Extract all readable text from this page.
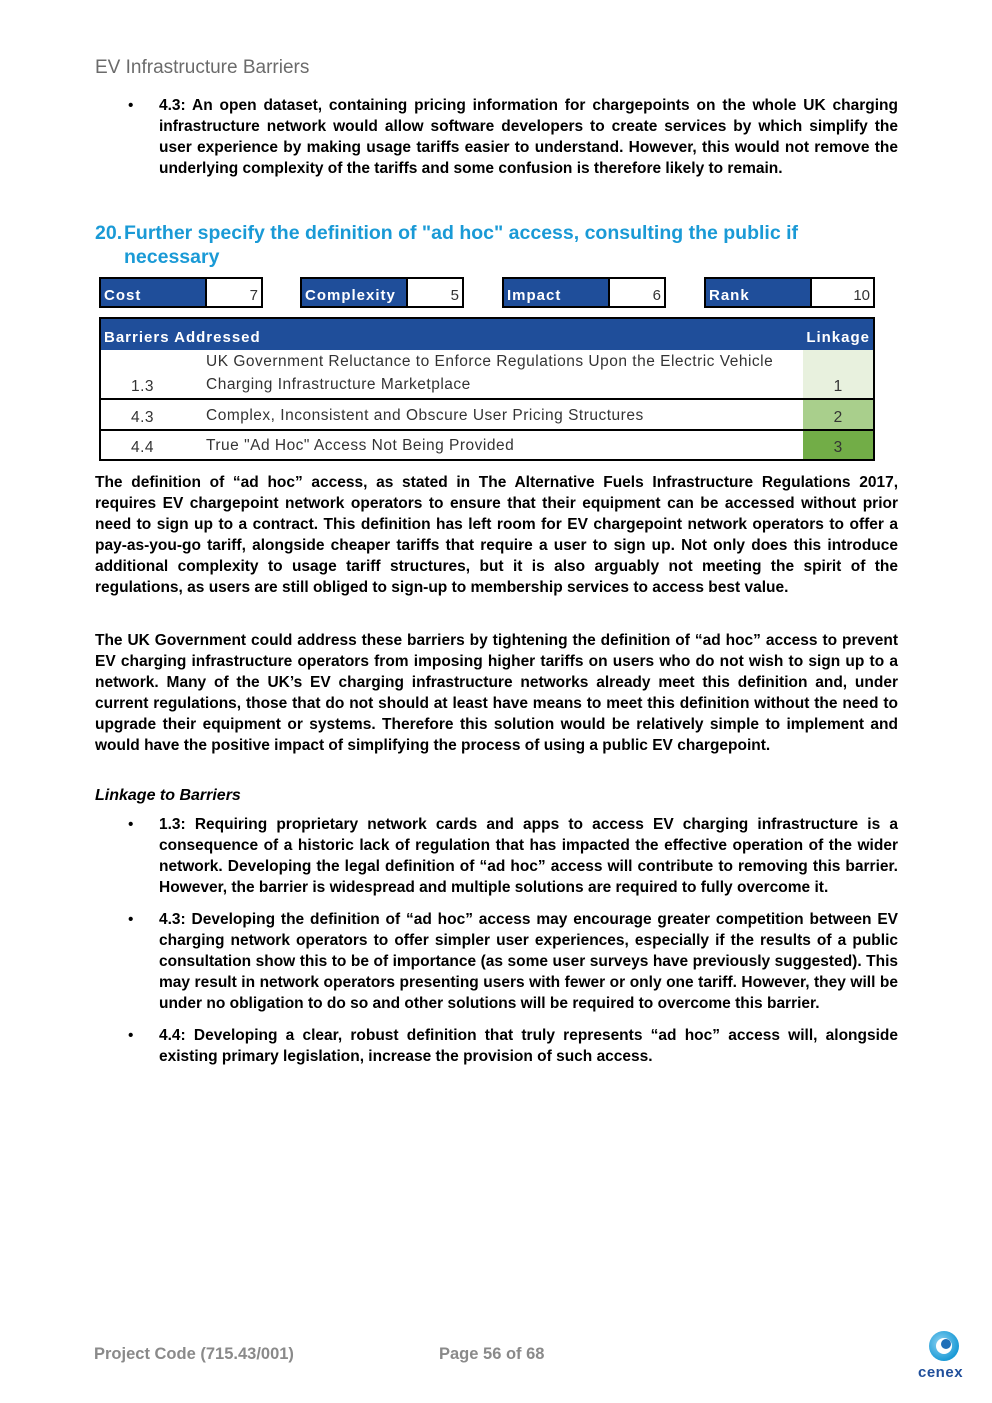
EV Infrastructure Barriers
• 4.3: An open dataset, containing pricing information for chargepoints on the whole UK charging infrastructure network would allow software developers to create services by which simplify the user experience by making usage tariffs easier to understand. However, this would not remove the underlying complexity of the tariffs and some confusion is therefore likely to remain.
20. Further specify the definition of "ad hoc" access, consulting the public if necessary
Cost	7	Complexity	5	Impact	6	Rank	10
Barriers Addressed		Linkage
1.3	UK Government Reluctance to Enforce Regulations Upon the Electric Vehicle Charging Infrastructure Marketplace	1
4.3	Complex, Inconsistent and Obscure User Pricing Structures	2
4.4	True "Ad Hoc" Access Not Being Provided	3

The definition of “ad hoc” access, as stated in The Alternative Fuels Infrastructure Regulations 2017, requires EV chargepoint network operators to ensure that their equipment can be accessed without prior need to sign up to a contract. This definition has left room for EV chargepoint network operators to offer a pay-as-you-go tariff, alongside cheaper tariffs that require a user to sign up. Not only does this introduce additional complexity to usage tariff structures, but it is also arguably not meeting the spirit of the regulations, as users are still obliged to sign-up to membership services to access best value.

The UK Government could address these barriers by tightening the definition of “ad hoc” access to prevent EV charging infrastructure operators from imposing higher tariffs on users who do not wish to sign up to a network. Many of the UK’s EV charging infrastructure networks already meet this definition and, under current regulations, those that do not should at least have means to meet this definition without the need to upgrade their equipment or systems. Therefore this solution would be relatively simple to implement and would have the positive impact of simplifying the process of using a public EV chargepoint.

Linkage to Barriers
• 1.3: Requiring proprietary network cards and apps to access EV charging infrastructure is a consequence of a historic lack of regulation that has impacted the effective operation of the wider network. Developing the legal definition of “ad hoc” access will contribute to removing this barrier. However, the barrier is widespread and multiple solutions are required to fully overcome it.
• 4.3: Developing the definition of “ad hoc” access may encourage greater competition between EV charging network operators to offer simpler user experiences, especially if the results of a public consultation show this to be of importance (as some user surveys have previously suggested). This may result in network operators presenting users with fewer or only one tariff. However, they will be under no obligation to do so and other solutions will be required to overcome this barrier.
• 4.4: Developing a clear, robust definition that truly represents “ad hoc” access will, alongside existing primary legislation, increase the provision of such access.
Project Code (715.43/001)	Page 56 of 68
cenex
